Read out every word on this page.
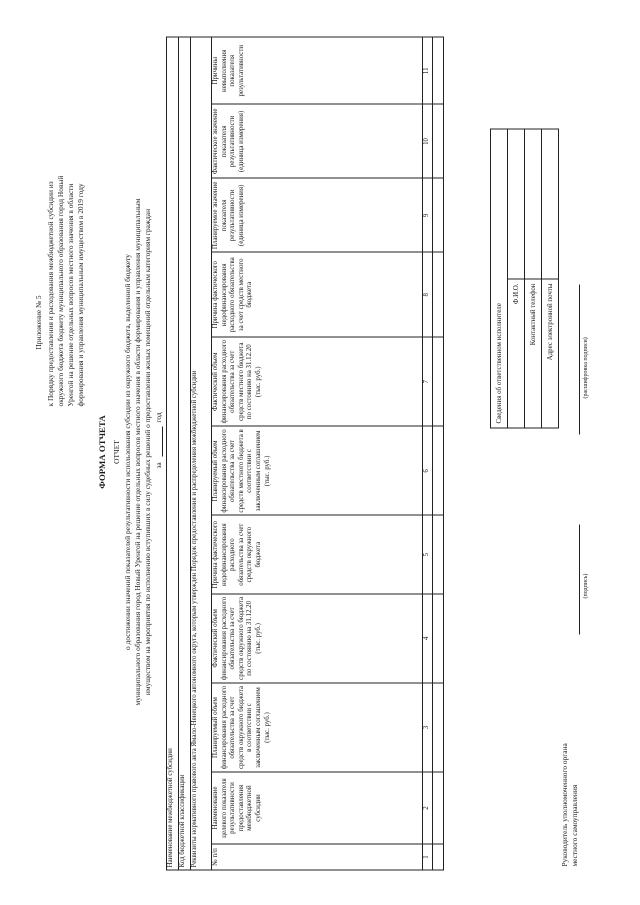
Приложение № 5 к Порядку предоставления и расходования межбюджетной субсидии из окружного бюджета бюджету муниципального образования город Новый Уренгой на решение отдельных вопросов местного значения в области формирования и управления муниципальным имуществом в 2019 году
ФОРМА ОТЧЕТА ОТЧЕТ о достижении значений показателей результативности использования субсидии из окружного бюджета, выделенной бюджету муниципального образования город Новый Уренгой на решение отдельных вопросов местного значения в области формирования и управления муниципальным имуществом на мероприятия по исполнению вступивших в силу судебных решений о предоставлении жилых помещений отдельным категориям граждан за
год
Наименование межбюджетной субсидии										
Код бюджетной классификации										
Реквизиты нормативного правового акта Ямало-Ненецкого автономного округа, которым утвержден Порядок предоставления и распределения межбюджетной субсидии										
№ п/п	Наименование целевого показателя результативности предоставления межбюджетной субсидии	Планируемый объем финансирования расходного обязательства за счет средств окружного бюджета в соответствии с заключенным соглашением (тыс. руб.)	Фактический объем финансирования расходного обязательства за счет средств окружного бюджета по состоянию на 31.12.20 (тыс. руб.)	Причина фактического недофинансирования расходного обязательства за счет средств окружного бюджета	Планируемый объем финансирования расходного обязательства за счет средств местного бюджета в соответствии с заключенным соглашением (тыс. руб.)	Фактический объем финансирования расходного обязательства за счет средств местного бюджета по состоянию на 31.12.20 (тыс. руб.)	Причина фактического недофинансирования расходного обязательства за счет средств местного бюджета	Планируемое значение показателя результативности (единица измерения)	Фактическое значение показателя результативности (единица измерения)	Причины невыполнения показателя результативности
1	2	3	4	5	6	7	8	9	10	11

Сведения об ответственном исполнителе	
Ф.И.О.	
Контактный телефон	
Адрес электронной почты	
Руководитель уполномоченного органа местного самоуправления
(подпись)
(расшифровка подписи)
